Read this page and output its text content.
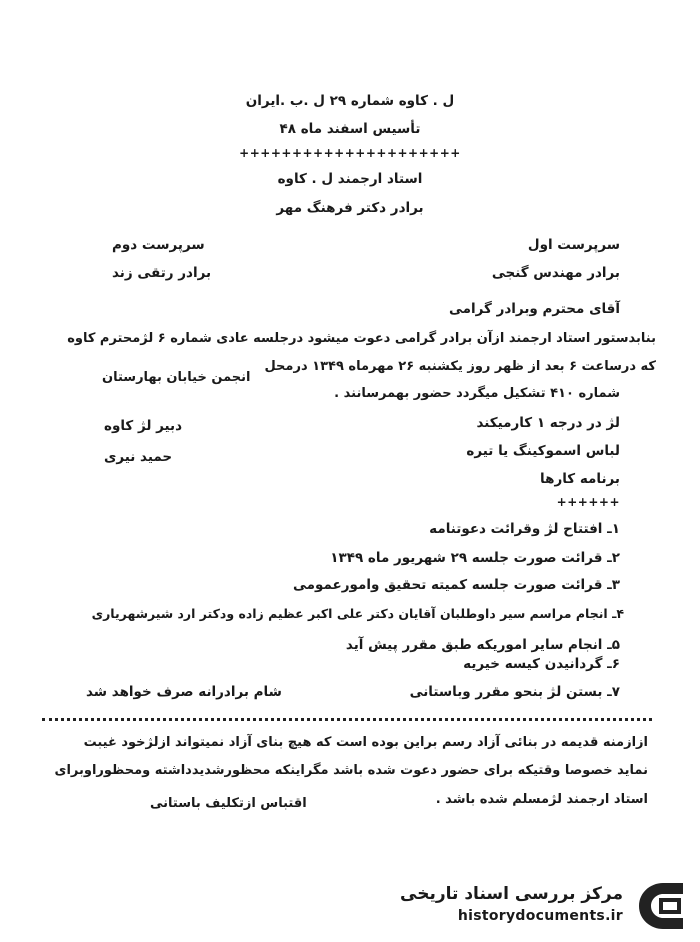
ل . کاوه شماره ۲۹ ل .ب .ایران
تأسیس اسفند ماه ۴۸
+++++++++++++++++++++
استاد ارجمند ل . کاوه
برادر دکتر فرهنگ مهر
سرپرست اول
برادر مهندس گنجی
سرپرست دوم
برادر رتقی زند
آقای محترم وبرادر گرامی
بنابدستور استاد ارجمند ازآن برادر گرامی دعوت میشود درجلسه عادی شماره ۶ لژمحترم کاوه
که درساعت ۶ بعد از ظهر روز یکشنبه ۲۶ مهرماه ۱۳۴۹ درمحل
انجمن خیابان بهارستان
شماره ۴۱۰ تشکیل میگردد حضور بهمرسانند .
لژ در درجه ۱ کارمیکند
لباس اسموکینگ یا تیره
دبیر لژ کاوه
حمید نیری
برنامه کارها
++++++
۱ـ افتتاح لژ وقرائت دعوتنامه
۲ـ قرائت صورت جلسه ۲۹ شهریور ماه ۱۳۴۹
۳ـ قرائت صورت جلسه کمیته تحقیق وامورعمومی
۴ـ انجام مراسم سیر داوطلبان آقایان دکتر علی اکبر عظیم زاده ودکتر ارد شیرشهریاری
۵ـ انجام سایر اموریکه طبق مقرر پیش آید
۶ـ گردانیدن کیسه خیریه
۷ـ بستن لژ بنحو مقرر وباستانی
شام برادرانه صرف خواهد شد
ازازمنه قدیمه در بنائی آزاد رسم براین بوده است که هیچ بنای آزاد نمیتواند ازلژخود غیبت
نماید خصوصا وقتیکه برای حضور دعوت شده باشد مگراینکه محظورشدیدداشته ومحظوراوبرای
استاد ارجمند لژمسلم شده باشد .
اقتباس ازتکلیف باستانی
مرکز بررسی اسناد تاریخی
historydocuments.ir
